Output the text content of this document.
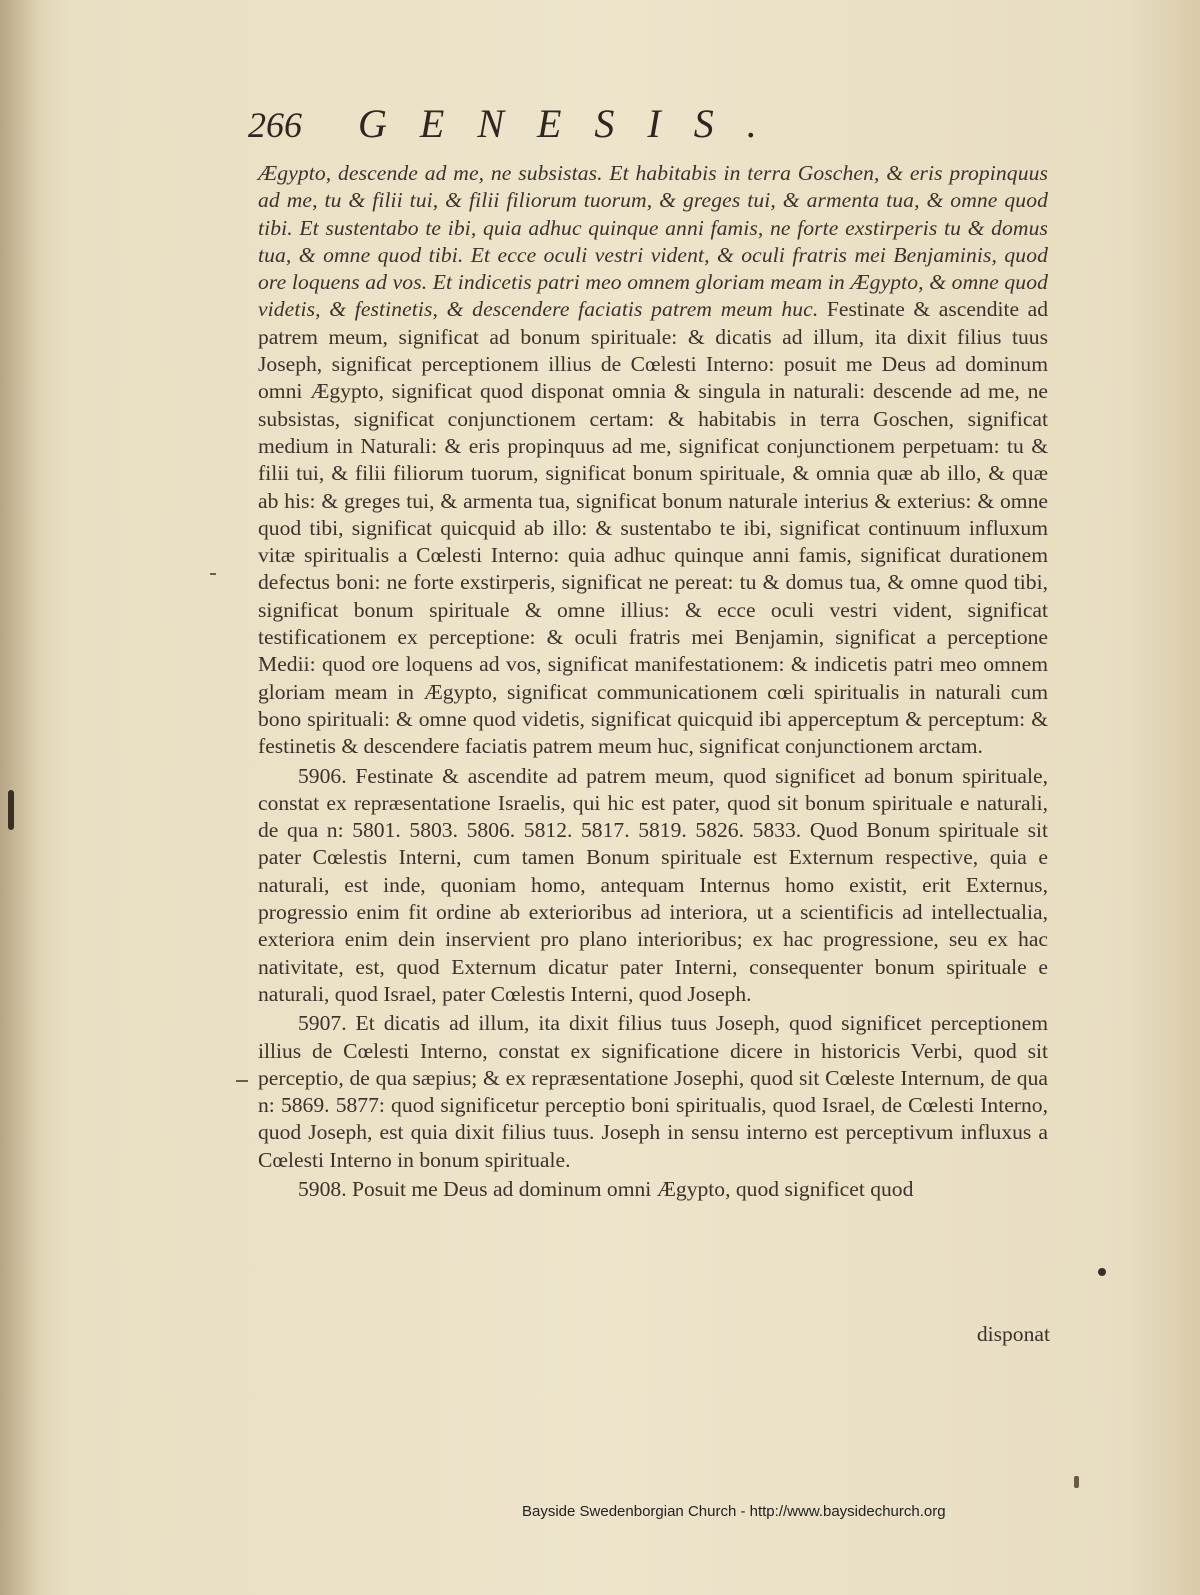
266	GENESIS.

Ægypto, descende ad me, ne subsistas. Et habitabis in terra Goschen, & eris propinquus ad me, tu & filii tui, & filii filiorum tuorum, & greges tui, & armenta tua, & omne quod tibi. Et sustentabo te ibi, quia adhuc quinque anni famis, ne forte exstirperis tu & domus tua, & omne quod tibi. Et ecce oculi vestri vident, & oculi fratris mei Benjaminis, quod ore loquens ad vos. Et indicetis patri meo omnem gloriam meam in Ægypto, & omne quod videtis, & festinetis, & descendere faciatis patrem meum huc. Festinate & ascendite ad patrem meum, significat ad bonum spirituale: & dicatis ad illum, ita dixit filius tuus Joseph, significat perceptionem illius de Cœlesti Interno: posuit me Deus ad dominum omni Ægypto, significat quod disponat omnia & singula in naturali: descende ad me, ne subsistas, significat conjunctionem certam: & habitabis in terra Goschen, significat medium in Naturali: & eris propinquus ad me, significat conjunctionem perpetuam: tu & filii tui, & filii filiorum tuorum, significat bonum spirituale, & omnia quæ ab illo, & quæ ab his: & greges tui, & armenta tua, significat bonum naturale interius & exterius: & omne quod tibi, significat quicquid ab illo: & sustentabo te ibi, significat continuum influxum vitæ spiritualis a Cœlesti Interno: quia adhuc quinque anni famis, significat durationem defectus boni: ne forte exstirperis, significat ne pereat: tu & domus tua, & omne quod tibi, significat bonum spirituale & omne illius: & ecce oculi vestri vident, significat testificationem ex perceptione: & oculi fratris mei Benjamin, significat a perceptione Medii: quod ore loquens ad vos, significat manifestationem: & indicetis patri meo omnem gloriam meam in Ægypto, significat communicationem cœli spiritualis in naturali cum bono spirituali: & omne quod videtis, significat quicquid ibi apperceptum & perceptum: & festinetis & descendere faciatis patrem meum huc, significat conjunctionem arctam.

5906. Festinate & ascendite ad patrem meum, quod significet ad bonum spirituale, constat ex repræsentatione Israelis, qui hic est pater, quod sit bonum spirituale e naturali, de qua n: 5801. 5803. 5806. 5812. 5817. 5819. 5826. 5833. Quod Bonum spirituale sit pater Cœlestis Interni, cum tamen Bonum spirituale est Externum respective, quia e naturali, est inde, quoniam homo, antequam Internus homo existit, erit Externus, progressio enim fit ordine ab exterioribus ad interiora, ut a scientificis ad intellectualia, exteriora enim dein inservient pro plano interioribus; ex hac progressione, seu ex hac nativitate, est, quod Externum dicatur pater Interni, consequenter bonum spirituale e naturali, quod Israel, pater Cœlestis Interni, quod Joseph.

5907. Et dicatis ad illum, ita dixit filius tuus Joseph, quod significet perceptionem illius de Cœlesti Interno, constat ex significatione dicere in historicis Verbi, quod sit perceptio, de qua sæpius; & ex repræsentatione Josephi, quod sit Cœleste Internum, de qua n: 5869. 5877: quod significetur perceptio boni spiritualis, quod Israel, de Cœlesti Interno, quod Joseph, est quia dixit filius tuus. Joseph in sensu interno est perceptivum influxus a Cœlesti Interno in bonum spirituale.

5908. Posuit me Deus ad dominum omni Ægypto, quod significet quod

disponat
Bayside Swedenborgian Church - http://www.baysidechurch.org
